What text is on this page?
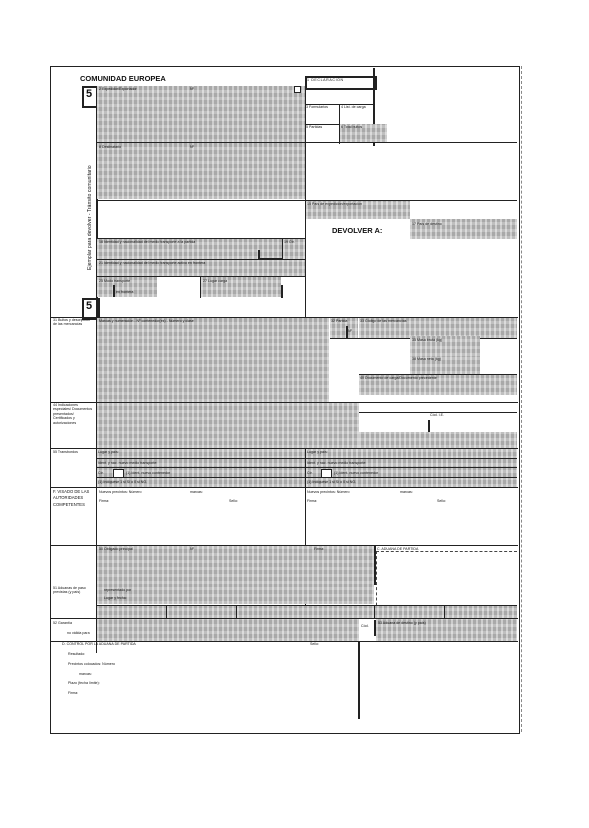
COMUNIDAD EUROPEA	1 DECLARACIÓN
5
5
Ejemplar para devolver - Tránsito comunitario
2 Expedidor/Exportador	Nº
3 Formularios	4 List. de carga
5 Partidas	6 Total bultos
8 Destinatario	Nº
15 País de expedición/exportación
DEVOLVER A:
17 País de destino
18 Identidad y nacionalidad del medio transporte a la partida	19 Ctr.
21 Identidad y nacionalidad del medio transporte activo en frontera
25 Modo transporte
en frontera
27 Lugar carga
31 Bultos y descripción de las mercancías
Marcas y numeración - Nº contenedor(es) - Número y clase	32 Partida
Nº
33 Código de las mercancías
35 Masa bruta (kg)
38 Masa neta (kg)
40 Documento de carga/Documento precedente
44 Indicaciones especiales/ Documentos presentados/ Certificados y autorizaciones
Cód. I.E.
55 Transbordos	Lugar y país:	Lugar y país:
Ident. y nac. nuevo medio transporte:	Ident. y nac. nuevo medio transporte:
Ctr.	(1) Ident. nuevo contenedor	Ctr.	(1) Ident. nuevo contenedor
(1) Indíquese 1 si Sí o 0 si NO.	(1) Indíquese 1 si Sí o 0 si NO.
F. VISADO DE LAS AUTORIDADES COMPETENTES
Nuevos precintos: Número	marcas:
Firma:	Sello:
Nuevos precintos: Número	marcas:
Firma:	Sello:
50 Obligado principal	Nº	Firma:	C. ADUANA DE PARTIDA
51 Aduanas de paso previstas (y país)
representado por
Lugar y fecha:
52 Garantía
no válida para
Cód.
53 Aduana de destino (y país)
D. CONTROL POR LA ADUANA DE PARTIDA	Sello:
Resultado:
Precintos colocados: Número
marcas:
Plazo (fecha límite):
Firma:
